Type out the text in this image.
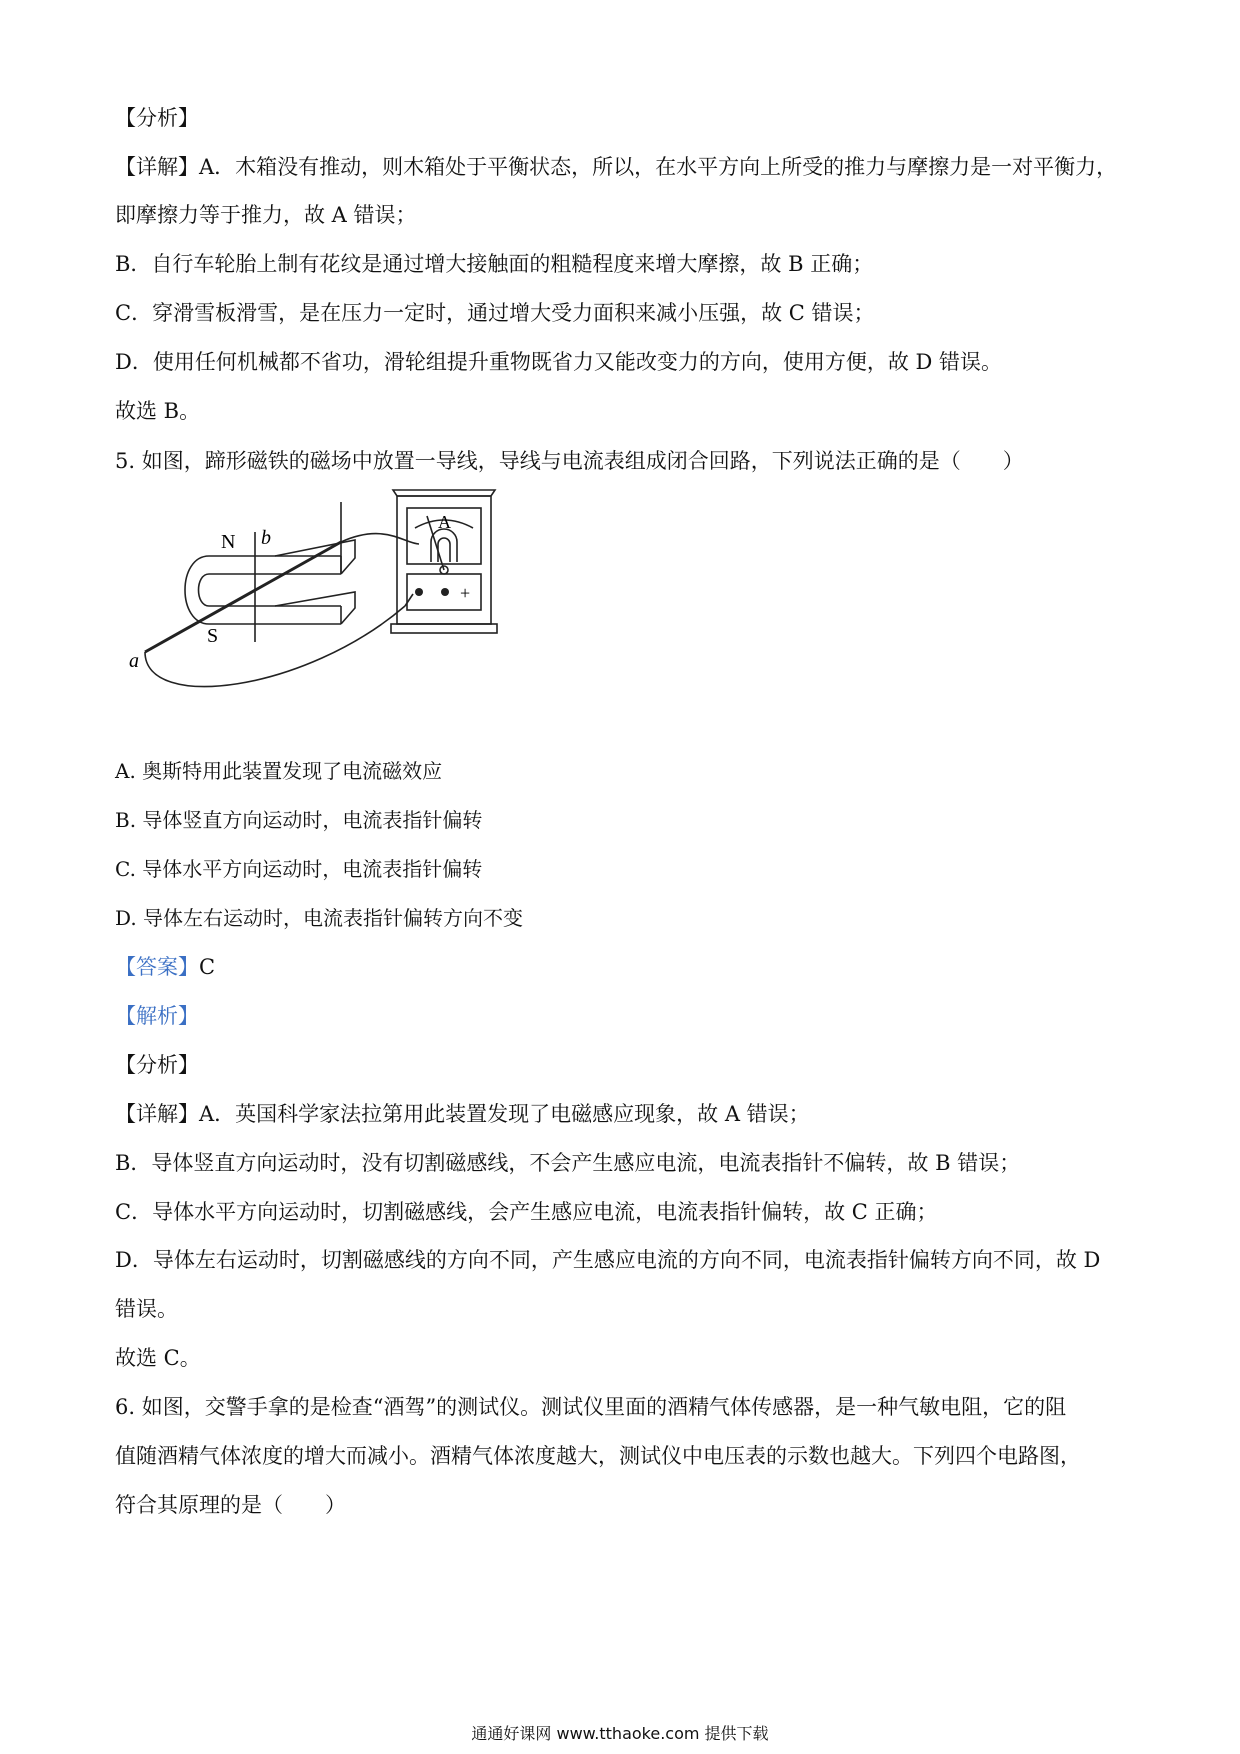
【分析】
【详解】A．木箱没有推动，则木箱处于平衡状态，所以，在水平方向上所受的推力与摩擦力是一对平衡力，
即摩擦力等于推力，故 A 错误；
B．自行车轮胎上制有花纹是通过增大接触面的粗糙程度来增大摩擦，故 B 正确；
C．穿滑雪板滑雪，是在压力一定时，通过增大受力面积来减小压强，故 C 错误；
D．使用任何机械都不省功，滑轮组提升重物既省力又能改变力的方向，使用方便，故 D 错误。
故选 B。
5. 如图，蹄形磁铁的磁场中放置一导线，导线与电流表组成闭合回路，下列说法正确的是（　　）
A
+
N
S
a
b
A. 奥斯特用此装置发现了电流磁效应
B. 导体竖直方向运动时，电流表指针偏转
C. 导体水平方向运动时，电流表指针偏转
D. 导体左右运动时，电流表指针偏转方向不变
【答案】C
【解析】
【分析】
【详解】A．英国科学家法拉第用此装置发现了电磁感应现象，故 A 错误；
B．导体竖直方向运动时，没有切割磁感线，不会产生感应电流，电流表指针不偏转，故 B 错误；
C．导体水平方向运动时，切割磁感线，会产生感应电流，电流表指针偏转，故 C 正确；
D．导体左右运动时，切割磁感线的方向不同，产生感应电流的方向不同，电流表指针偏转方向不同，故 D
错误。
故选 C。
6. 如图，交警手拿的是检查“酒驾”的测试仪。测试仪里面的酒精气体传感器，是一种气敏电阻，它的阻
值随酒精气体浓度的增大而减小。酒精气体浓度越大，测试仪中电压表的示数也越大。下列四个电路图，
符合其原理的是（　　）
通通好课网 www.tthaoke.com 提供下载
